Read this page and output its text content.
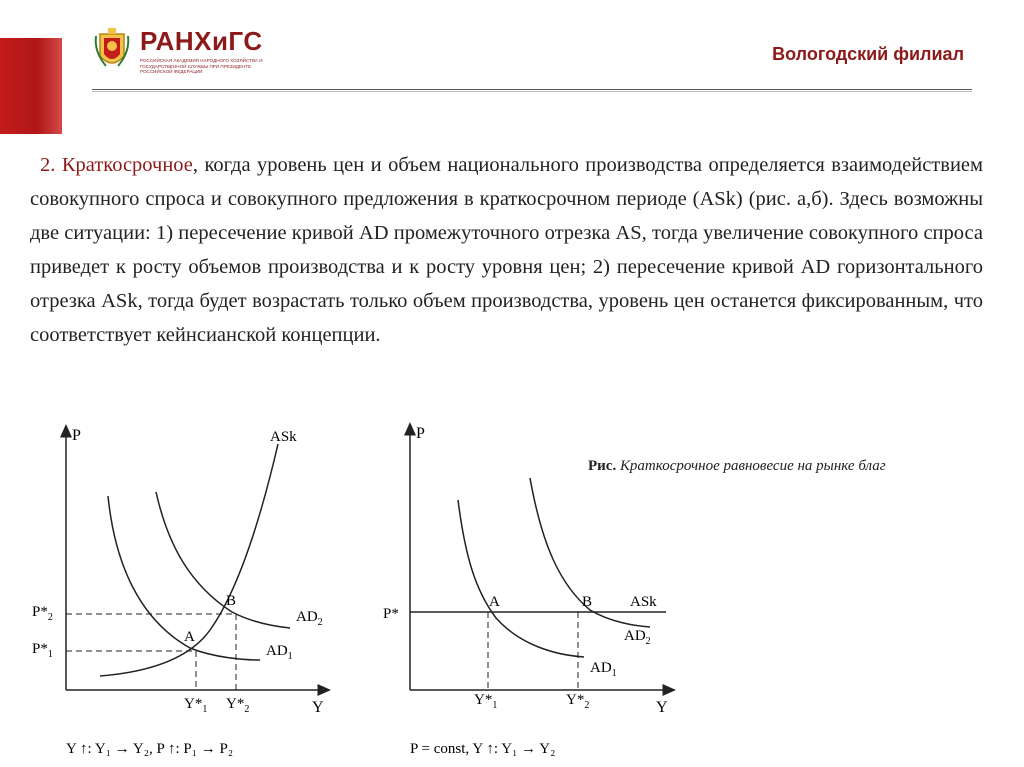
РАНХиГС
РОССИЙСКАЯ АКАДЕМИЯ НАРОДНОГО ХОЗЯЙСТВА И ГОСУДАРСТВЕННОЙ СЛУЖБЫ ПРИ ПРЕЗИДЕНТЕ РОССИЙСКОЙ ФЕДЕРАЦИИ
Вологодский филиал
2. Краткосрочное, когда уровень цен и объем национального производства определяется взаимодействием совокупного спроса и совокупного предложения в краткосрочном периоде (ASk) (рис. а,б). Здесь возможны две ситуации: 1) пересечение кривой AD промежуточного отрезка AS, тогда увеличение совокупного спроса приведет к росту объемов производства и к росту уровня цен; 2) пересечение кривой AD горизонтального отрезка ASk, тогда будет возрастать только объем производства, уровень цен останется фиксированным, что соответствует кейнсианской концепции.
Рис. Краткосрочное равновесие на рынке благ
P
Y
ASk
$AD_2$
$AD_1$
B
A
$P*_2$
$P*_1$
$Y*_1$ $Y*_2$
Y ↑: Y₁ → Y₂, P ↑: P₁ → P₂
P
Y
ASk
$AD_2$
$AD_1$
A	B
P*
$Y*_1$	$Y*_2$
P = const, Y ↑: Y₁ → Y₂
